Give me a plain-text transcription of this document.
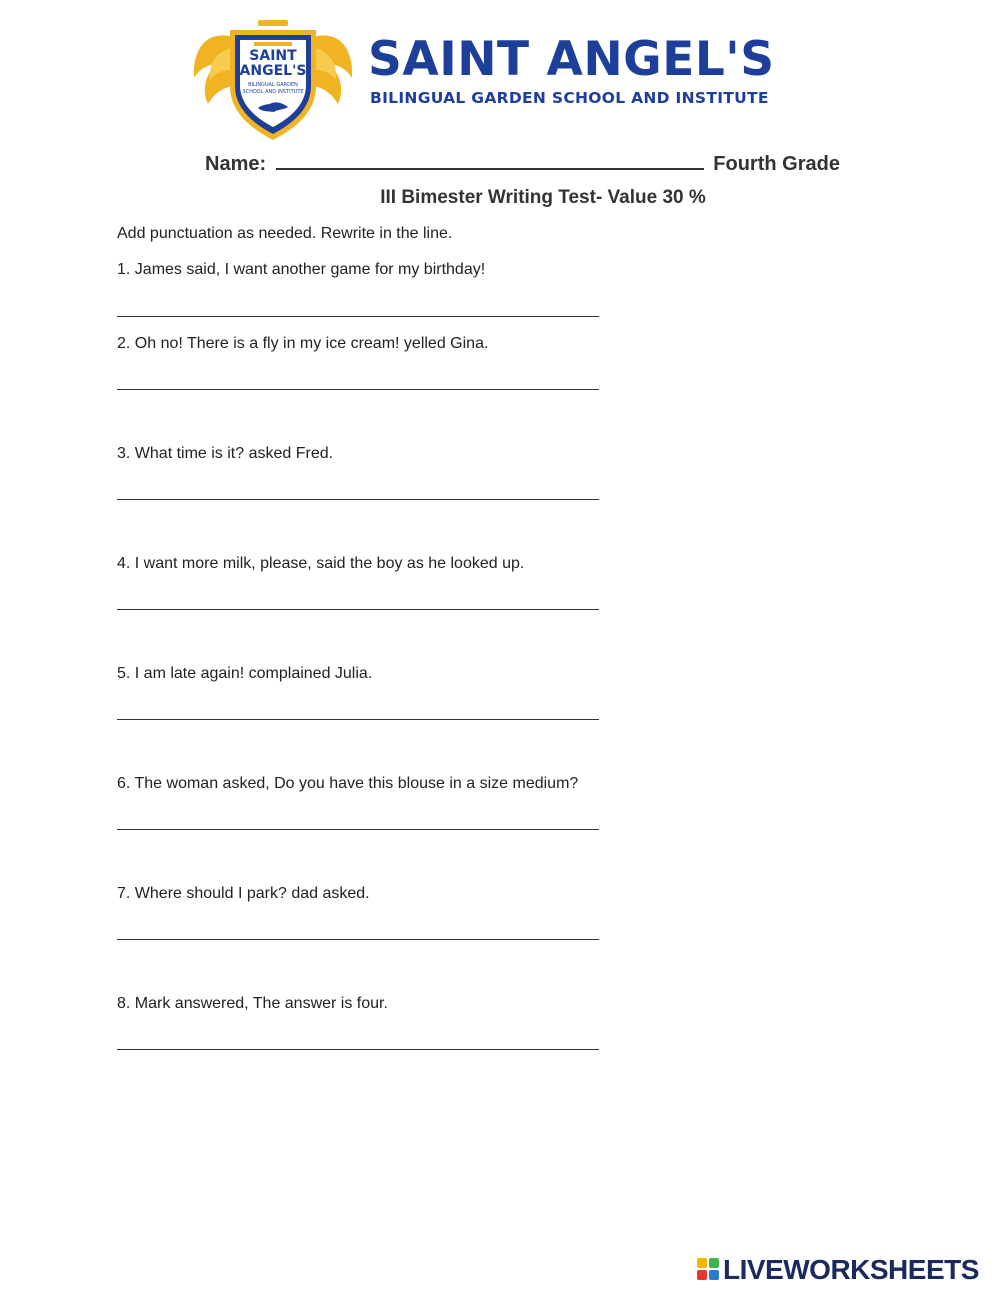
SAINT
ANGEL'S
BILINGUAL GARDEN
SCHOOL AND INSTITUTE
SAINT ANGEL'S
BILINGUAL GARDEN SCHOOL AND INSTITUTE
Name:	Fourth Grade
III Bimester Writing Test- Value 30 %
Add punctuation as needed. Rewrite in the line.
1. James said, I want another game for my birthday!
2. Oh no! There is a fly in my ice cream! yelled Gina.
3. What time is it? asked Fred.
4. I want more milk, please, said the boy as he looked up.
5. I am late again! complained Julia.
6. The woman asked, Do you have this blouse in a size medium?
7. Where should I park? dad asked.
8. Mark answered, The answer is four.
LIVEWORKSHEETS
